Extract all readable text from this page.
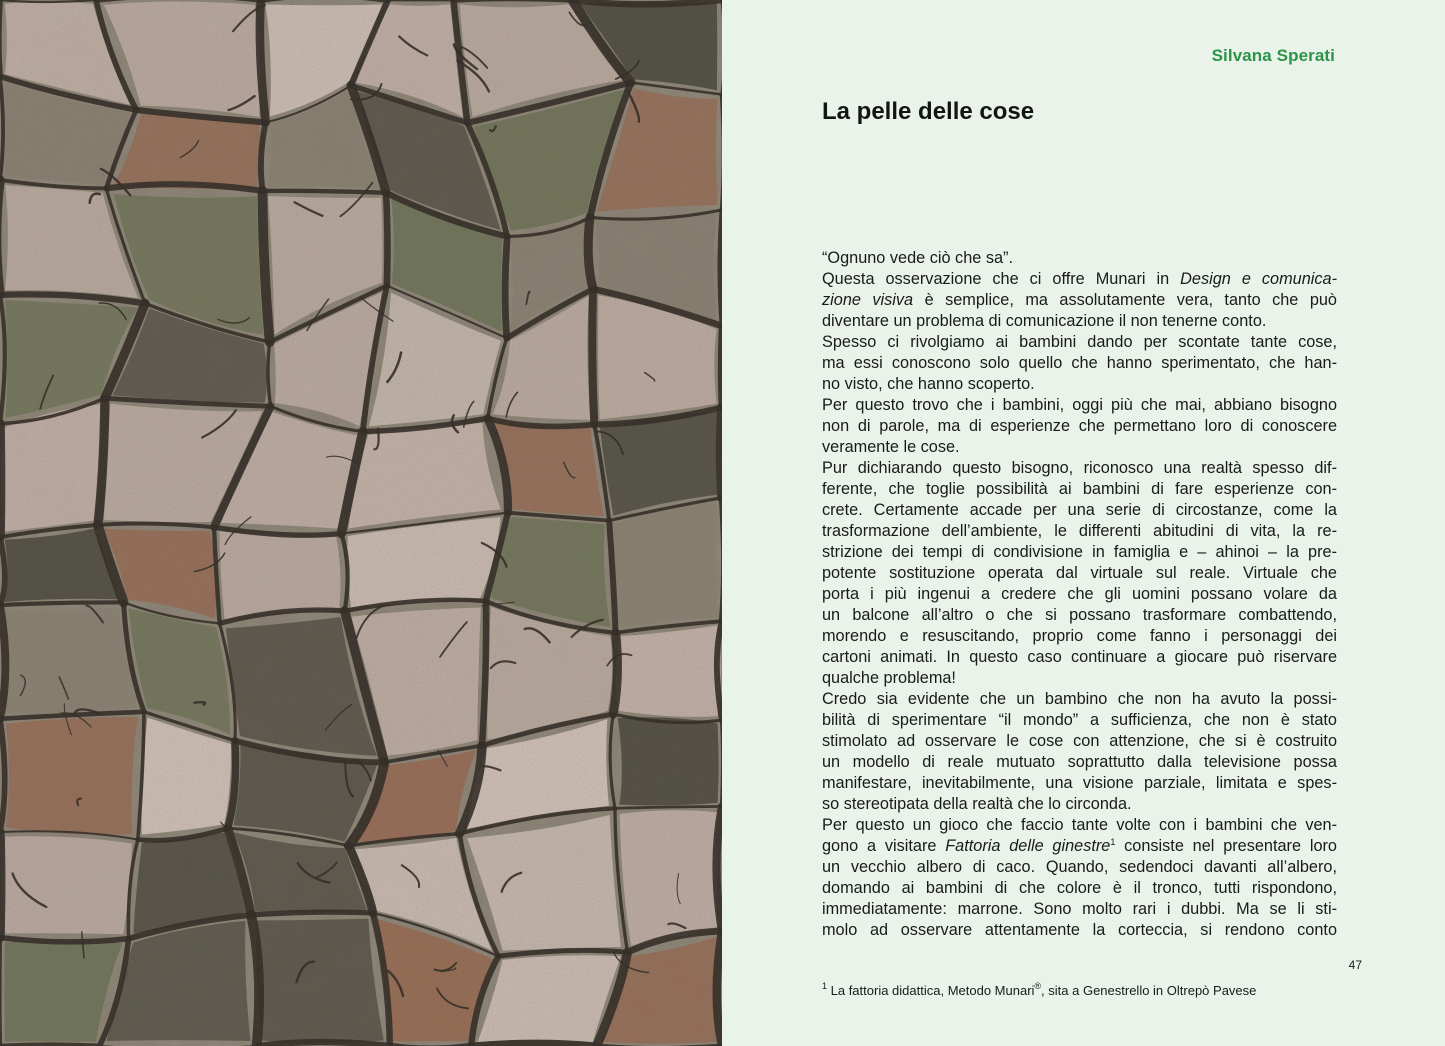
Silvana Sperati
La pelle delle cose
“Ognuno vede ciò che sa”.
Questa osservazione che ci offre Munari in Design e comunica-
zione visiva è semplice, ma assolutamente vera, tanto che può
diventare un problema di comunicazione il non tenerne conto.
Spesso ci rivolgiamo ai bambini dando per scontate tante cose,
ma essi conoscono solo quello che hanno sperimentato, che han-
no visto, che hanno scoperto.
Per questo trovo che i bambini, oggi più che mai, abbiano bisogno
non di parole, ma di esperienze che permettano loro di conoscere
veramente le cose.
Pur dichiarando questo bisogno, riconosco una realtà spesso dif-
ferente, che toglie possibilità ai bambini di fare esperienze con-
crete. Certamente accade per una serie di circostanze, come la
trasformazione dell’ambiente, le differenti abitudini di vita, la re-
strizione dei tempi di condivisione in famiglia e – ahinoi – la pre-
potente sostituzione operata dal virtuale sul reale. Virtuale che
porta i più ingenui a credere che gli uomini possano volare da
un balcone all’altro o che si possano trasformare combattendo,
morendo e resuscitando, proprio come fanno i personaggi dei
cartoni animati. In questo caso continuare a giocare può riservare
qualche problema!
Credo sia evidente che un bambino che non ha avuto la possi-
bilità di sperimentare “il mondo” a sufficienza, che non è stato
stimolato ad osservare le cose con attenzione, che si è costruito
un modello di reale mutuato soprattutto dalla televisione possa
manifestare, inevitabilmente, una visione parziale, limitata e spes-
so stereotipata della realtà che lo circonda.
Per questo un gioco che faccio tante volte con i bambini che ven-
gono a visitare Fattoria delle ginestre$^1$ consiste nel presentare loro
un vecchio albero di caco. Quando, sedendoci davanti all’albero,
domando ai bambini di che colore è il tronco, tutti rispondono,
immediatamente: marrone. Sono molto rari i dubbi. Ma se li sti-
molo ad osservare attentamente la corteccia, si rendono conto
47
$^1$ La fattoria didattica, Metodo Munari®, sita a Genestrello in Oltrepò Pavese
